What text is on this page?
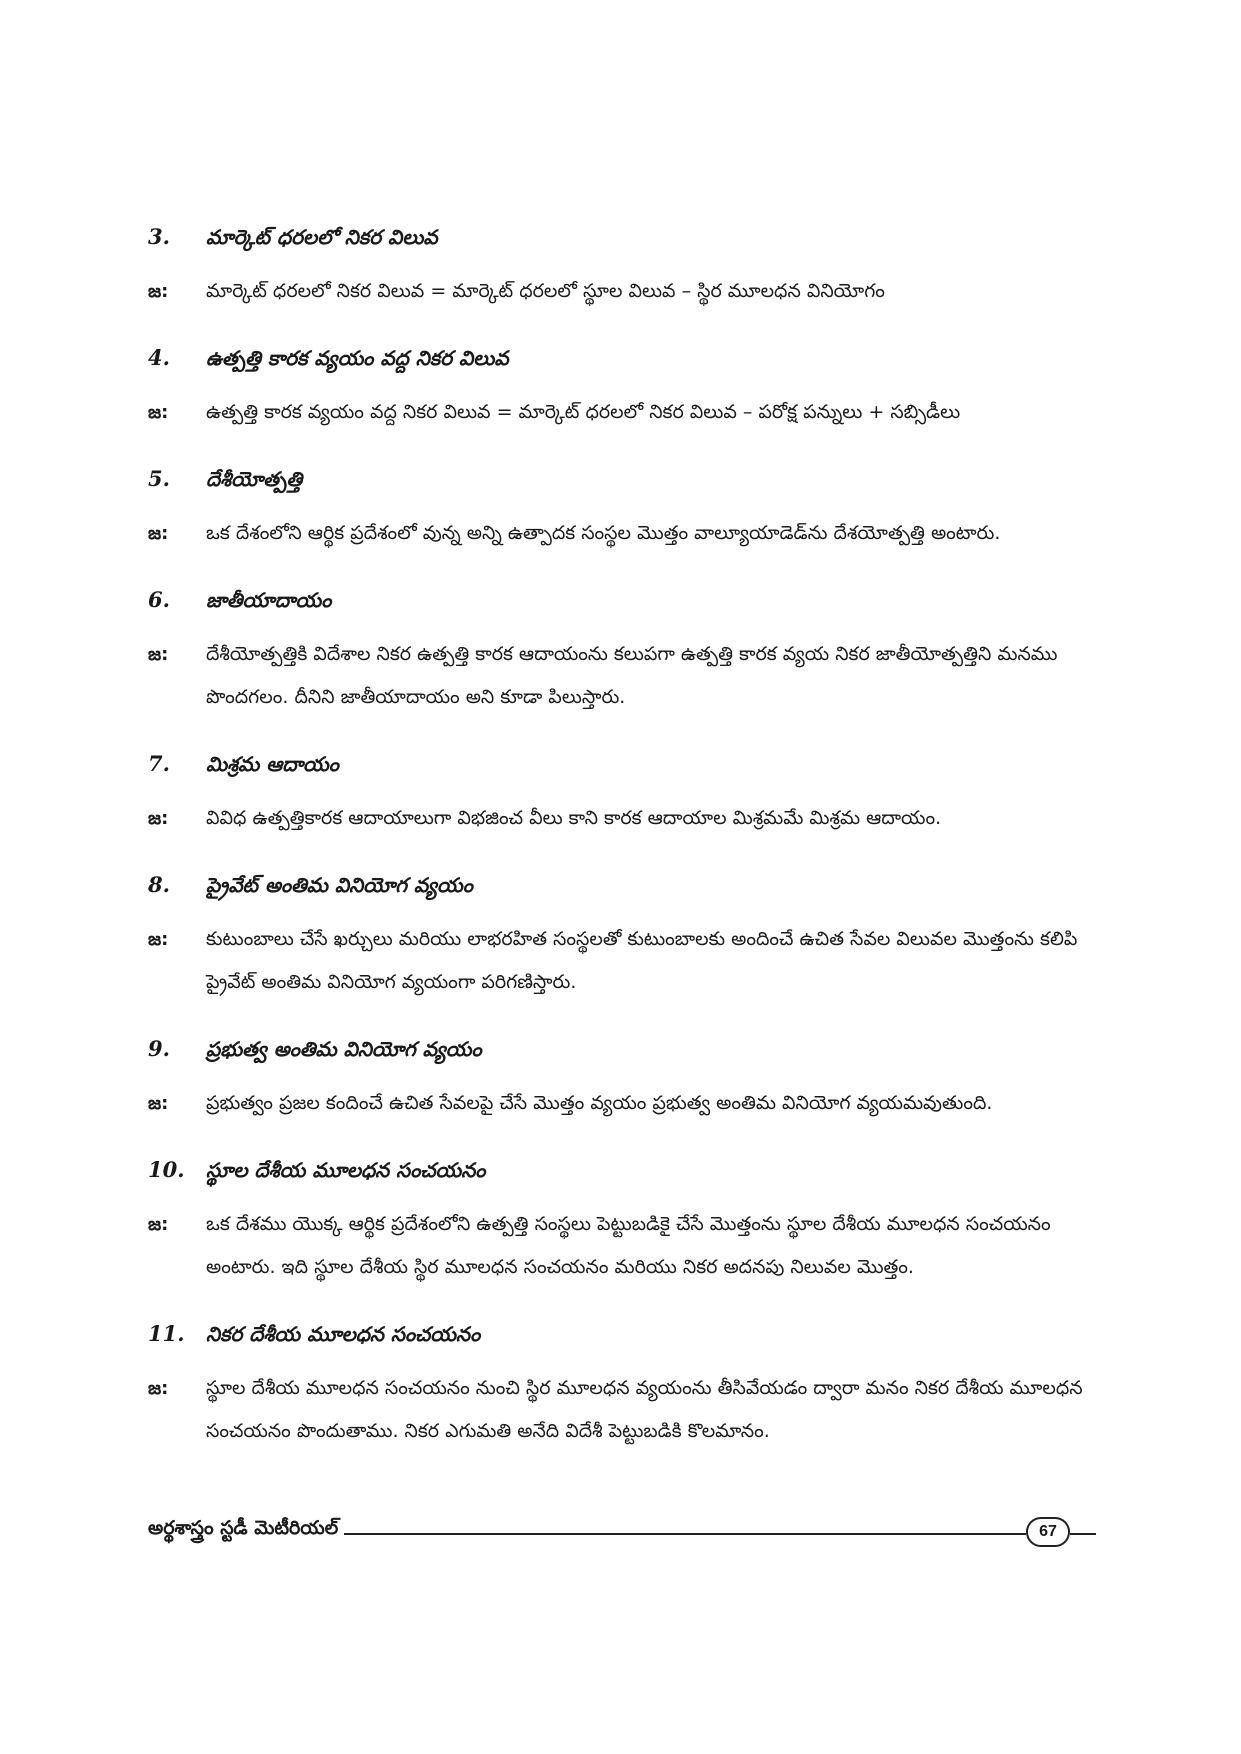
3.	మార్కెట్ ధరలలో నికర విలువ
జ:	మార్కెట్ ధరలలో నికర విలువ = మార్కెట్ ధరలలో స్థూల విలువ – స్థిర మూలధన వినియోగం
4.	ఉత్పత్తి కారక వ్యయం వద్ద నికర విలువ
జ:	ఉత్పత్తి కారక వ్యయం వద్ద నికర విలువ = మార్కెట్ ధరలలో నికర విలువ – పరోక్ష పన్నులు + సబ్సిడీలు
5.	దేశీయోత్పత్తి
జ:	ఒక దేశంలోని ఆర్థిక ప్రదేశంలో వున్న అన్ని ఉత్పాదక సంస్థల మొత్తం వాల్యూయాడెడ్‌ను దేశయోత్పత్తి అంటారు.
6.	జాతీయాదాయం
జ:	దేశీయోత్పత్తికి విదేశాల నికర ఉత్పత్తి కారక ఆదాయంను కలుపగా ఉత్పత్తి కారక వ్యయ నికర జాతీయోత్పత్తిని మనము పొందగలం. దీనిని జాతీయాదాయం అని కూడా పిలుస్తారు.
7.	మిశ్రమ ఆదాయం
జ:	వివిధ ఉత్పత్తికారక ఆదాయాలుగా విభజించ వీలు కాని కారక ఆదాయాల మిశ్రమమే మిశ్రమ ఆదాయం.
8.	ప్రైవేట్ అంతిమ వినియోగ వ్యయం
జ:	కుటుంబాలు చేసే ఖర్చులు మరియు లాభరహిత సంస్థలతో కుటుంబాలకు అందించే ఉచిత సేవల విలువల మొత్తంను కలిపి ప్రైవేట్ అంతిమ వినియోగ వ్యయంగా పరిగణిస్తారు.
9.	ప్రభుత్వ అంతిమ వినియోగ వ్యయం
జ:	ప్రభుత్వం ప్రజల కందించే ఉచిత సేవలపై చేసే మొత్తం వ్యయం ప్రభుత్వ అంతిమ వినియోగ వ్యయమవుతుంది.
10.	స్థూల దేశీయ మూలధన సంచయనం
జ:	ఒక దేశము యొక్క ఆర్థిక ప్రదేశంలోని ఉత్పత్తి సంస్థలు పెట్టుబడికై చేసే మొత్తంను స్థూల దేశీయ మూలధన సంచయనం అంటారు. ఇది స్థూల దేశీయ స్థిర మూలధన సంచయనం మరియు నికర అదనపు నిలువల మొత్తం.
11.	నికర దేశీయ మూలధన సంచయనం
జ:	స్థూల దేశీయ మూలధన సంచయనం నుంచి స్థిర మూలధన వ్యయంను తీసివేయడం ద్వారా మనం నికర దేశీయ మూలధన సంచయనం పొందుతాము. నికర ఎగుమతి అనేది విదేశీ పెట్టుబడికి కొలమానం.
అర్థశాస్త్రం స్టడీ మెటీరియల్	67
